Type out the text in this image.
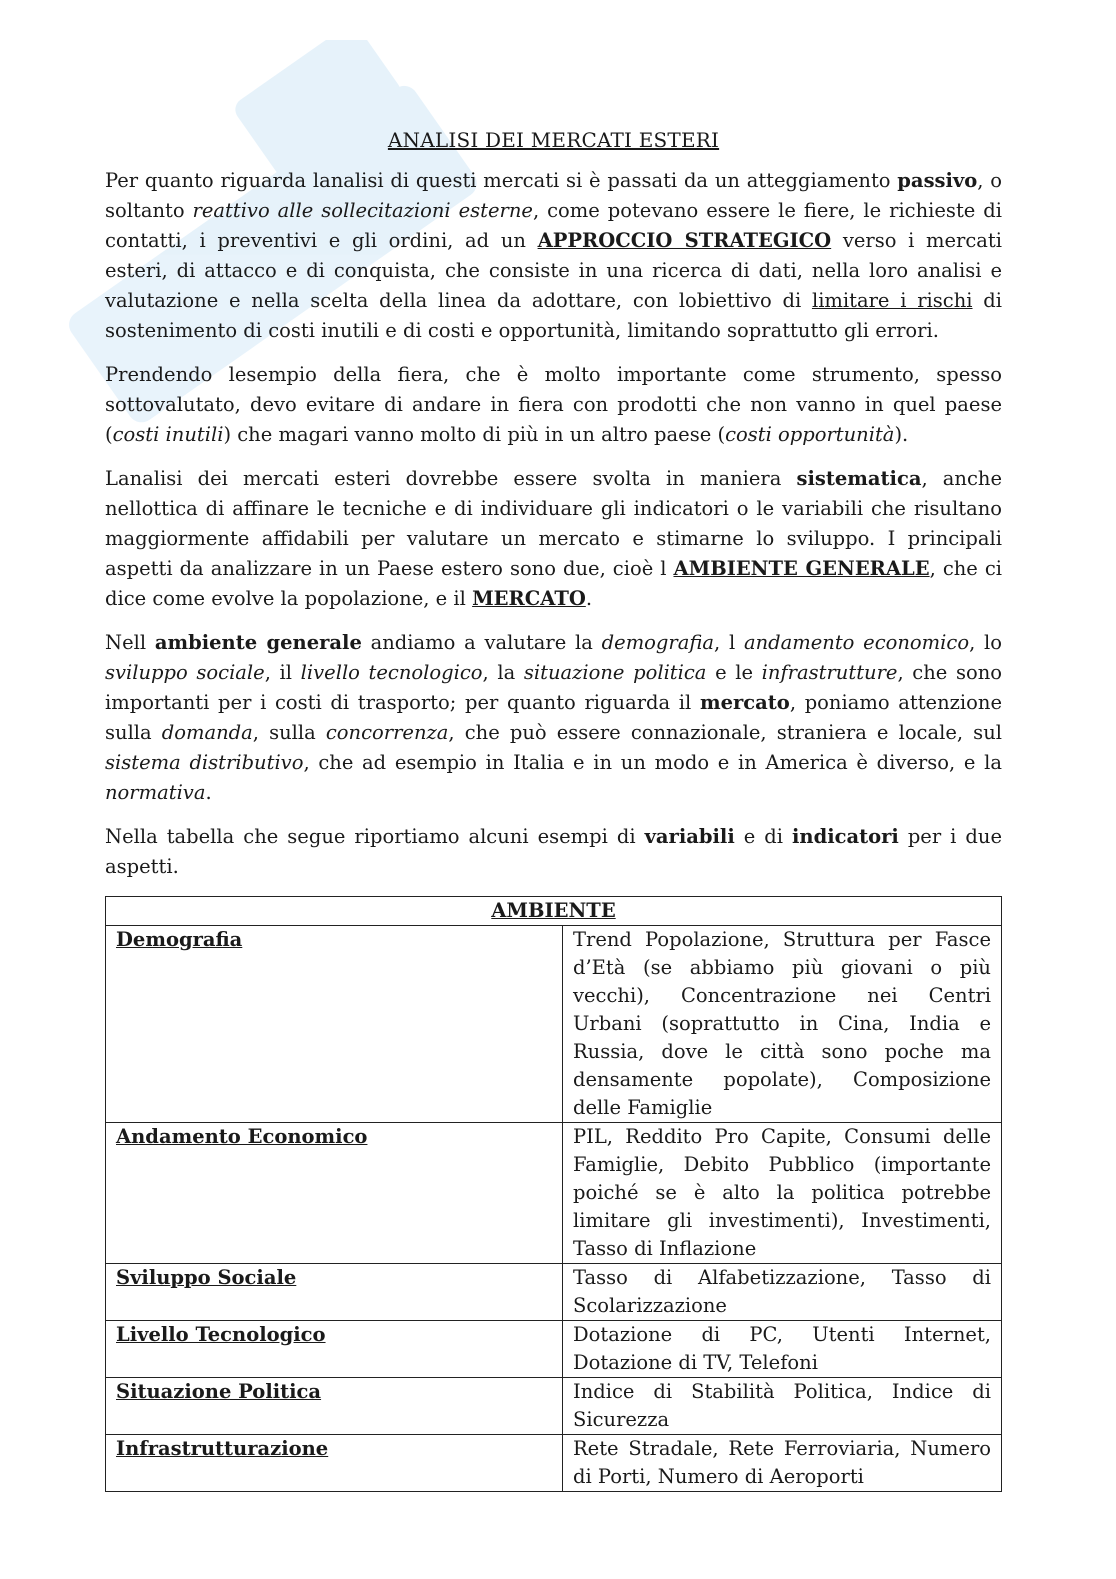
ANALISI DEI MERCATI ESTERI

Per quanto riguarda lanalisi di questi mercati si è passati da un atteggiamento passivo, o soltanto reattivo alle sollecitazioni esterne, come potevano essere le fiere, le richieste di contatti, i preventivi e gli ordini, ad un APPROCCIO STRATEGICO verso i mercati esteri, di attacco e di conquista, che consiste in una ricerca di dati, nella loro analisi e valutazione e nella scelta della linea da adottare, con lobiettivo di limitare i rischi di sostenimento di costi inutili e di costi e opportunità, limitando soprattutto gli errori.

Prendendo lesempio della fiera, che è molto importante come strumento, spesso sottovalutato, devo evitare di andare in fiera con prodotti che non vanno in quel paese (costi inutili) che magari vanno molto di più in un altro paese (costi opportunità).

Lanalisi dei mercati esteri dovrebbe essere svolta in maniera sistematica, anche nellottica di affinare le tecniche e di individuare gli indicatori o le variabili che risultano maggiormente affidabili per valutare un mercato e stimarne lo sviluppo. I principali aspetti da analizzare in un Paese estero sono due, cioè l AMBIENTE GENERALE, che ci dice come evolve la popolazione, e il MERCATO.

Nell ambiente generale andiamo a valutare la demografia, l andamento economico, lo sviluppo sociale, il livello tecnologico, la situazione politica e le infrastrutture, che sono importanti per i costi di trasporto; per quanto riguarda il mercato, poniamo attenzione sulla domanda, sulla concorrenza, che può essere connazionale, straniera e locale, sul sistema distributivo, che ad esempio in Italia e in un modo e in America è diverso, e la normativa.

Nella tabella che segue riportiamo alcuni esempi di variabili e di indicatori per i due aspetti.

AMBIENTE	
Demografia	Trend Popolazione, Struttura per Fasce d’Età (se abbiamo più giovani o più vecchi), Concentrazione nei Centri Urbani (soprattutto in Cina, India e Russia, dove le città sono poche ma densamente popolate), Composizione delle Famiglie
Andamento Economico	PIL, Reddito Pro Capite, Consumi delle Famiglie, Debito Pubblico (importante poiché se è alto la politica potrebbe limitare gli investimenti), Investimenti, Tasso di Inflazione
Sviluppo Sociale	Tasso di Alfabetizzazione, Tasso di Scolarizzazione
Livello Tecnologico	Dotazione di PC, Utenti Internet, Dotazione di TV, Telefoni
Situazione Politica	Indice di Stabilità Politica, Indice di Sicurezza
Infrastrutturazione	Rete Stradale, Rete Ferroviaria, Numero di Porti, Numero di Aeroporti
